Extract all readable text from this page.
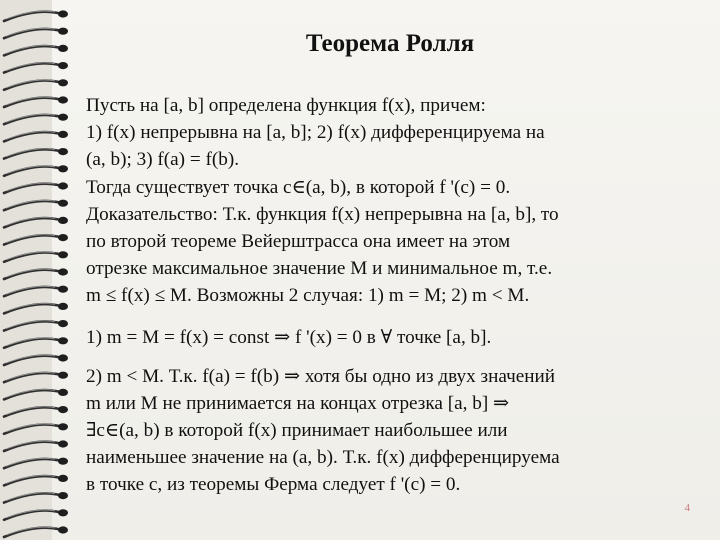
Теорема Ролля
Пусть на [a, b] определена функция f(x), причем:
1) f(x) непрерывна на [a, b]; 2) f(x) дифференцируема на
(a, b); 3) f(a) = f(b).
Тогда существует точка c∈(a, b), в которой f '(c) = 0.
Доказательство: Т.к. функция f(x) непрерывна на [a, b], то
по второй теореме Вейерштрасса она имеет на этом
отрезке максимальное значение M и минимальное m, т.е.
m ≤ f(x) ≤ M. Возможны 2 случая: 1) m = M; 2) m < M.
1) m = M = f(x) = const ⇒ f '(x) = 0 в ∀ точке [a, b].
2) m < M. Т.к. f(a) = f(b) ⇒ хотя бы одно из двух значений
m или M не принимается на концах отрезка [a, b] ⇒
∃c∈(a, b) в которой f(x) принимает наибольшее или
наименьшее значение на (a, b). Т.к. f(x) дифференцируема
в точке c, из теоремы Ферма следует f '(c) = 0.
4
